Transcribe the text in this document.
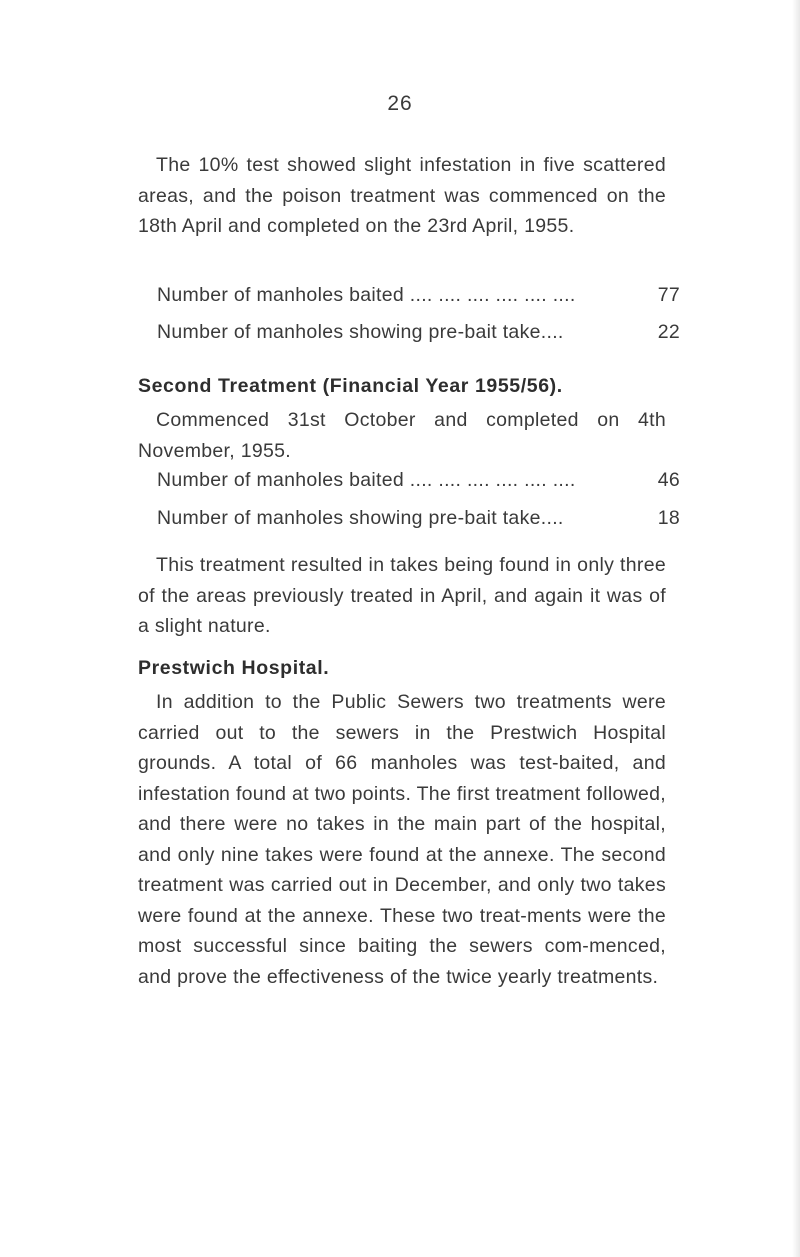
26

The 10% test showed slight infestation in five scattered areas, and the poison treatment was commenced on the 18th April and completed on the 23rd April, 1955.

Number of manholes baited .... .... .... .... .... ....	77
Number of manholes showing pre-bait take....	22
Second Treatment (Financial Year 1955/56).

Commenced 31st October and completed on 4th November, 1955.

Number of manholes baited .... .... .... .... .... ....	46
Number of manholes showing pre-bait take....	18

This treatment resulted in takes being found in only three of the areas previously treated in April, and again it was of a slight nature.

Prestwich Hospital.

In addition to the Public Sewers two treatments were carried out to the sewers in the Prestwich Hospital grounds. A total of 66 manholes was test-baited, and infestation found at two points. The first treatment followed, and there were no takes in the main part of the hospital, and only nine takes were found at the annexe. The second treatment was carried out in December, and only two takes were found at the annexe. These two treat-ments were the most successful since baiting the sewers com-menced, and prove the effectiveness of the twice yearly treatments.
